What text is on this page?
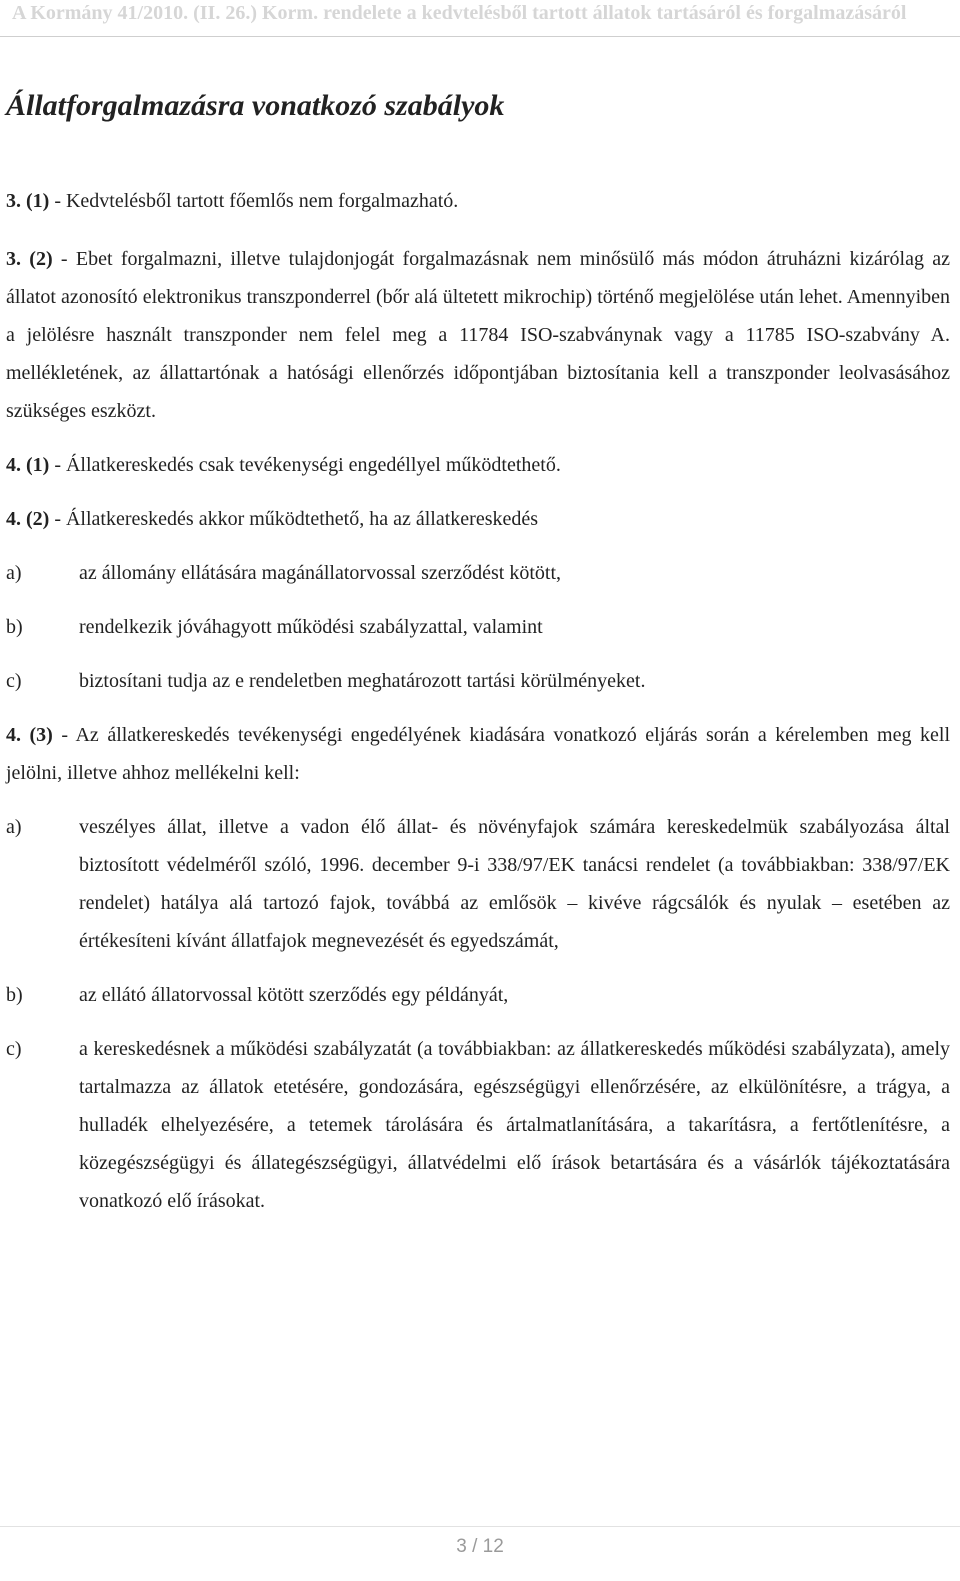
A Kormány 41/2010. (II. 26.) Korm. rendelete a kedvtelésből tartott állatok tartásáról és forgalmazásáról
Állatforgalmazásra vonatkozó szabályok

3. (1) - Kedvtelésből tartott főemlős nem forgalmazható.

3. (2) - Ebet forgalmazni, illetve tulajdonjogát forgalmazásnak nem minősülő más módon átruházni kizárólag az állatot azonosító elektronikus transzponderrel (bőr alá ültetett mikrochip) történő megjelölése után lehet. Amennyiben a jelölésre használt transzponder nem felel meg a 11784 ISO-szabványnak vagy a 11785 ISO-szabvány A. mellékletének, az állattartónak a hatósági ellenőrzés időpontjában biztosítania kell a transzponder leolvasásához szükséges eszközt.

4. (1) - Állatkereskedés csak tevékenységi engedéllyel működtethető.

4. (2) - Állatkereskedés akkor működtethető, ha az állatkereskedés

a)	az állomány ellátására magánállatorvossal szerződést kötött,
b)	rendelkezik jóváhagyott működési szabályzattal, valamint
c)	biztosítani tudja az e rendeletben meghatározott tartási körülményeket.

4. (3) - Az állatkereskedés tevékenységi engedélyének kiadására vonatkozó eljárás során a kérelemben meg kell jelölni, illetve ahhoz mellékelni kell:

a)	veszélyes állat, illetve a vadon élő állat- és növényfajok számára kereskedelmük szabályozása által biztosított védelméről szóló, 1996. december 9-i 338/97/EK tanácsi rendelet (a továbbiakban: 338/97/EK rendelet) hatálya alá tartozó fajok, továbbá az emlősök – kivéve rágcsálók és nyulak – esetében az értékesíteni kívánt állatfajok megnevezését és egyedszámát,
b)	az ellátó állatorvossal kötött szerződés egy példányát,
c)	a kereskedésnek a működési szabályzatát (a továbbiakban: az állatkereskedés működési szabályzata), amely tartalmazza az állatok etetésére, gondozására, egészségügyi ellenőrzésére, az elkülönítésre, a trágya, a hulladék elhelyezésére, a tetemek tárolására és ártalmatlanítására, a takarításra, a fertőtlenítésre, a közegészségügyi és állategészségügyi, állatvédelmi elő írások betartására és a vásárlók tájékoztatására vonatkozó elő írásokat.
3 / 12
